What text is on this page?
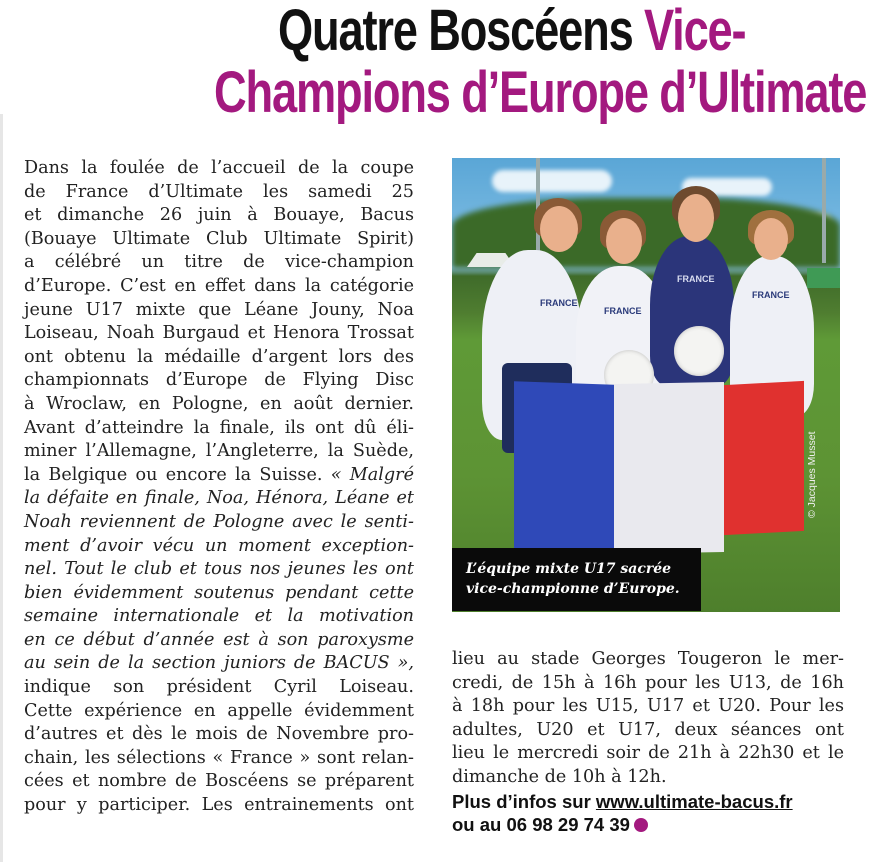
Quatre Boscéens Vice-
Champions d’Europe d’Ultimate
Dans la foulée de l’accueil de la coupe
de France d’Ultimate les samedi 25
et dimanche 26 juin à Bouaye, Bacus
(Bouaye Ultimate Club Ultimate Spirit)
a célébré un titre de vice-champion
d’Europe. C’est en effet dans la catégorie
jeune U17 mixte que Léane Jouny, Noa
Loiseau, Noah Burgaud et Henora Trossat
ont obtenu la médaille d’argent lors des
championnats d’Europe de Flying Disc
à Wroclaw, en Pologne, en août dernier.
Avant d’atteindre la finale, ils ont dû éli-
miner l’Allemagne, l’Angleterre, la Suède,
la Belgique ou encore la Suisse. « Malgré
la défaite en finale, Noa, Hénora, Léane et
Noah reviennent de Pologne avec le senti-
ment d’avoir vécu un moment exception-
nel. Tout le club et tous nos jeunes les ont
bien évidemment soutenus pendant cette
semaine internationale et la motivation
en ce début d’année est à son paroxysme
au sein de la section juniors de BACUS »,
indique son président Cyril Loiseau.
Cette expérience en appelle évidemment
d’autres et dès le mois de Novembre pro-
chain, les sélections « France » sont relan-
cées et nombre de Boscéens se préparent
pour y participer. Les entrainements ont
FRANCE
FRANCE
FRANCE
FRANCE
© Jacques Musset
L’équipe mixte U17 sacrée
vice-championne d’Europe.
lieu au stade Georges Tougeron le mer-
credi, de 15h à 16h pour les U13, de 16h
à 18h pour les U15, U17 et U20. Pour les
adultes, U20 et U17, deux séances ont
lieu le mercredi soir de 21h à 22h30 et le
dimanche de 10h à 12h.
Plus d’infos sur www.ultimate-bacus.fr
ou au 06 98 29 74 39
